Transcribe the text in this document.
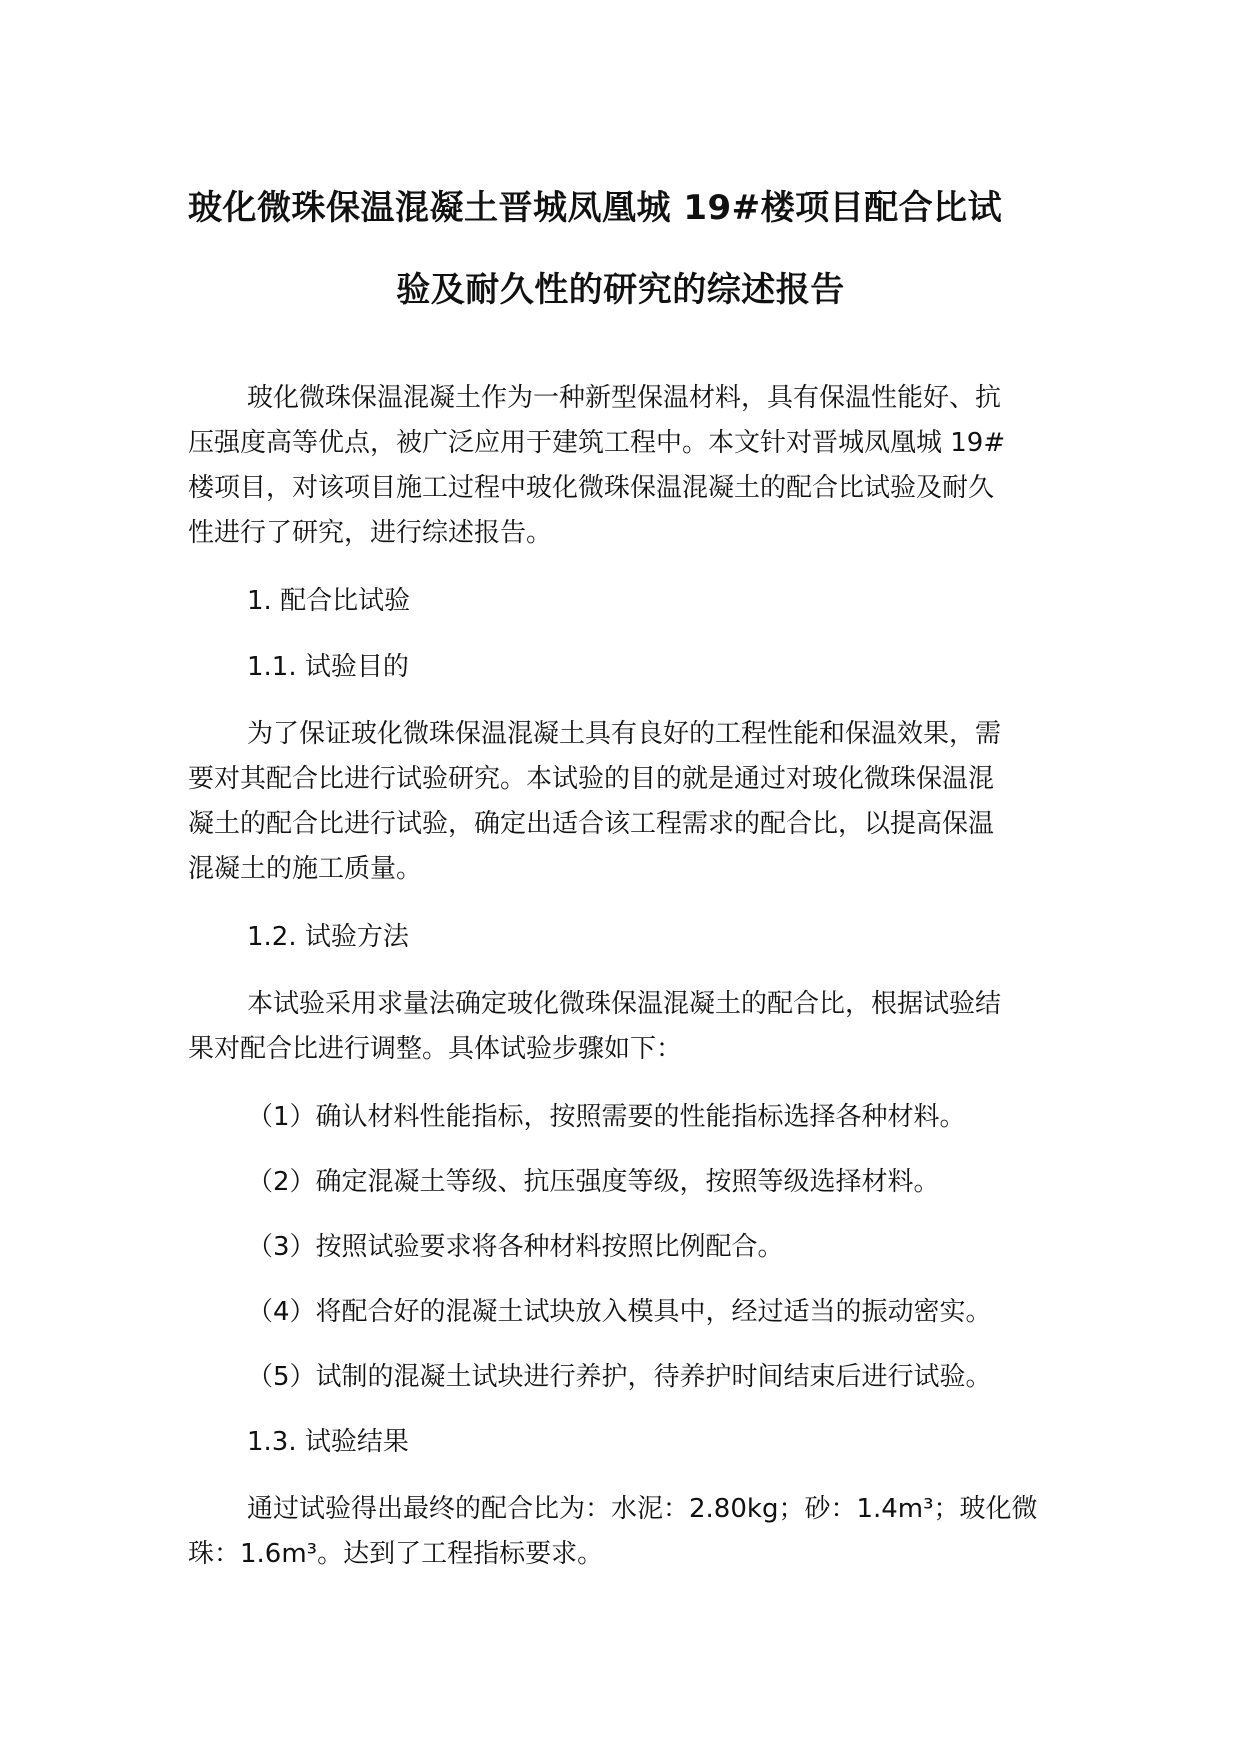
玻化微珠保温混凝土晋城凤凰城 19#楼项目配合比试
验及耐久性的研究的综述报告
玻化微珠保温混凝土作为一种新型保温材料，具有保温性能好、抗
压强度高等优点，被广泛应用于建筑工程中。本文针对晋城凤凰城 19#
楼项目，对该项目施工过程中玻化微珠保温混凝土的配合比试验及耐久
性进行了研究，进行综述报告。
1. 配合比试验
1.1. 试验目的
为了保证玻化微珠保温混凝土具有良好的工程性能和保温效果，需
要对其配合比进行试验研究。本试验的目的就是通过对玻化微珠保温混
凝土的配合比进行试验，确定出适合该工程需求的配合比，以提高保温
混凝土的施工质量。
1.2. 试验方法
本试验采用求量法确定玻化微珠保温混凝土的配合比，根据试验结
果对配合比进行调整。具体试验步骤如下：
（1）确认材料性能指标，按照需要的性能指标选择各种材料。
（2）确定混凝土等级、抗压强度等级，按照等级选择材料。
（3）按照试验要求将各种材料按照比例配合。
（4）将配合好的混凝土试块放入模具中，经过适当的振动密实。
（5）试制的混凝土试块进行养护，待养护时间结束后进行试验。
1.3. 试验结果
通过试验得出最终的配合比为：水泥：2.80kg；砂：1.4m³；玻化微
珠：1.6m³。达到了工程指标要求。
